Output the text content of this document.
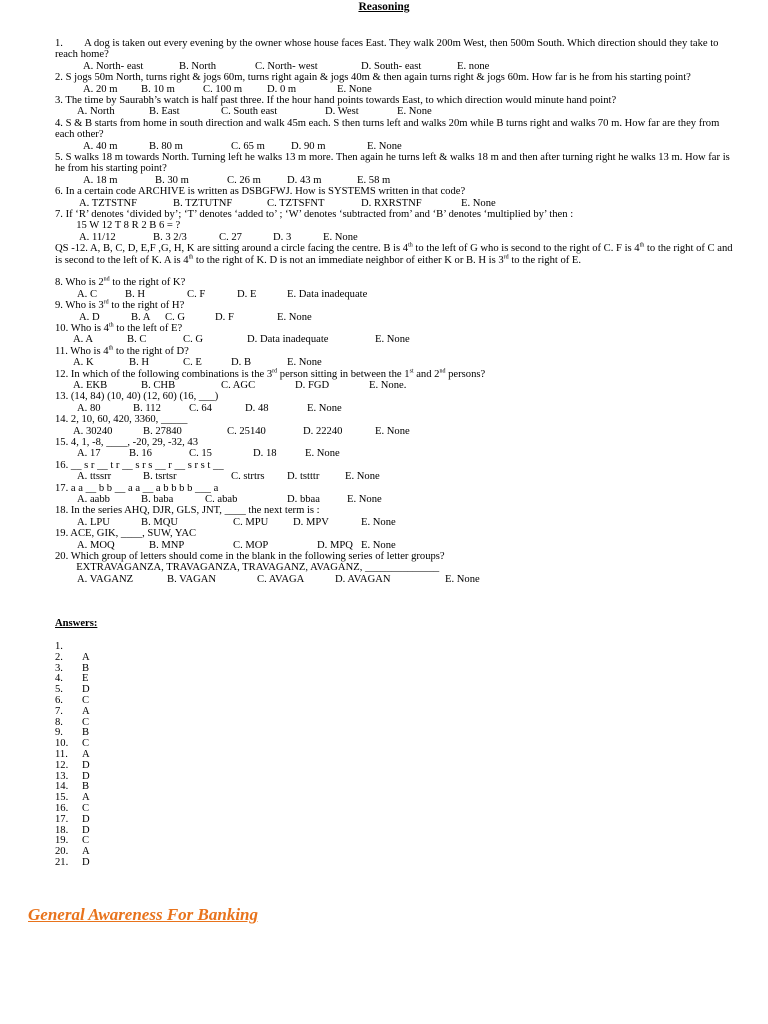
Reasoning
1.  A dog is taken out every evening by the owner whose house faces East. They walk 200m West, then 500m South. Which direction should they take to reach home?
A. North- east	B. North	C. North- west	D. South- east	E. none
2. S jogs 50m North, turns right & jogs 60m, turns right again & jogs 40m & then again turns right & jogs 60m. How far is he from his starting point?
A. 20 m B. 10 m	C. 100 m D. 0 m	E. None
3. The time by Saurabh’s watch is half past three. If the hour hand points towards East, to which direction would minute hand point?
A. North	B. East	C. South east	D. West	E. None
4. S & B starts from home in south direction and walk 45m each. S then turns left and walks 20m while B turns right and walks 70 m. How far are they from each other?
A. 40 m	B. 80 m	C. 65 m D. 90 m	E. None
5. S walks 18 m towards North. Turning left he walks 13 m more. Then again he turns left & walks 18 m and then after turning right he walks 13 m. How far is he from his starting point?
A. 18 m	B. 30 m	C. 26 m D. 43 m	E. 58 m
6. In a certain code ARCHIVE is written as DSBGFWJ. How is SYSTEMS written in that code?
A. TZTSTNF	B. TZTUTNF	C. TZTSFNT	D. RXRSTNF	E. None
7. If ‘R’ denotes ‘divided by’; ‘T’ denotes ‘added to’ ; ‘W’ denotes ‘subtracted from’ and ‘B’ denotes ‘multiplied by’ then :
  15 W 12 T 8 R 2 B 6 = ?
A. 11/12	B. 3 2/3	C. 27	D. 3	E. None
QS -12. A, B, C, D, E,F ,G, H, K are sitting around a circle facing the centre. B is 4th to the left of G who is second to the right of C. F is 4th to the right of C and is second to the left of K. A is 4th to the right of K. D is not an immediate neighbor of either K or B. H is 3rd to the right of E.

8. Who is 2nd to the right of K?
A. C	B. H	C. F	D. E	E. Data inadequate
9. Who is 3rd to the right of H?
A. D	B. A C. G	D. F	E. None
10. Who is 4th to the left of E?
A. A	B. C	C. G	D. Data inadequate	E. None
11. Who is 4th to the right of D?
A. K	B. H	C. E	D. B	E. None
12. In which of the following combinations is the 3rd person sitting in between the 1st and 2nd persons?
A. EKB	B. CHB	C. AGC	D. FGD	E. None.
13. (14, 84) (10, 40) (12, 60) (16, ___)
A. 80	B. 112	C. 64	D. 48	E. None
14. 2, 10, 60, 420, 3360, _____
A. 30240	B. 27840	C. 25140	D. 22240	E. None
15. 4, 1, -8, ____, -20, 29, -32, 43
A. 17	B. 16	C. 15	D. 18	E. None
16. __ s r __ t r __ s r s __ r __ s r s t __
A. ttssrr	B. tsrtsr	C. strtrs D. tstttr E. None
17. a a __ b b __ a a __ a b b b b ___ a
A. aabb	B. baba	C. abab	D. bbaa	E. None
18. In the series AHQ, DJR, GLS, JNT, ____ the next term is :
A. LPU	B. MQU	C. MPU D. MPV	E. None
19. ACE, GIK, ____, SUW, YAC
A. MOQ	B. MNP	C. MOP	D. MPQ E. None
20. Which group of letters should come in the blank in the following series of letter groups?
  EXTRAVAGANZA, TRAVAGANZA, TRAVAGANZ, AVAGANZ, ______________
A. VAGANZ	B. VAGAN	C. AVAGA	D. AVAGAN	E. None
Answers:
1.
2. A
3. B
4. E
5. D
6. C
7. A
8. C
9. B
10. C
11. A
12. D
13. D
14. B
15. A
16. C
17. D
18. D
19. C
20. A
21. D
General Awareness For Banking
